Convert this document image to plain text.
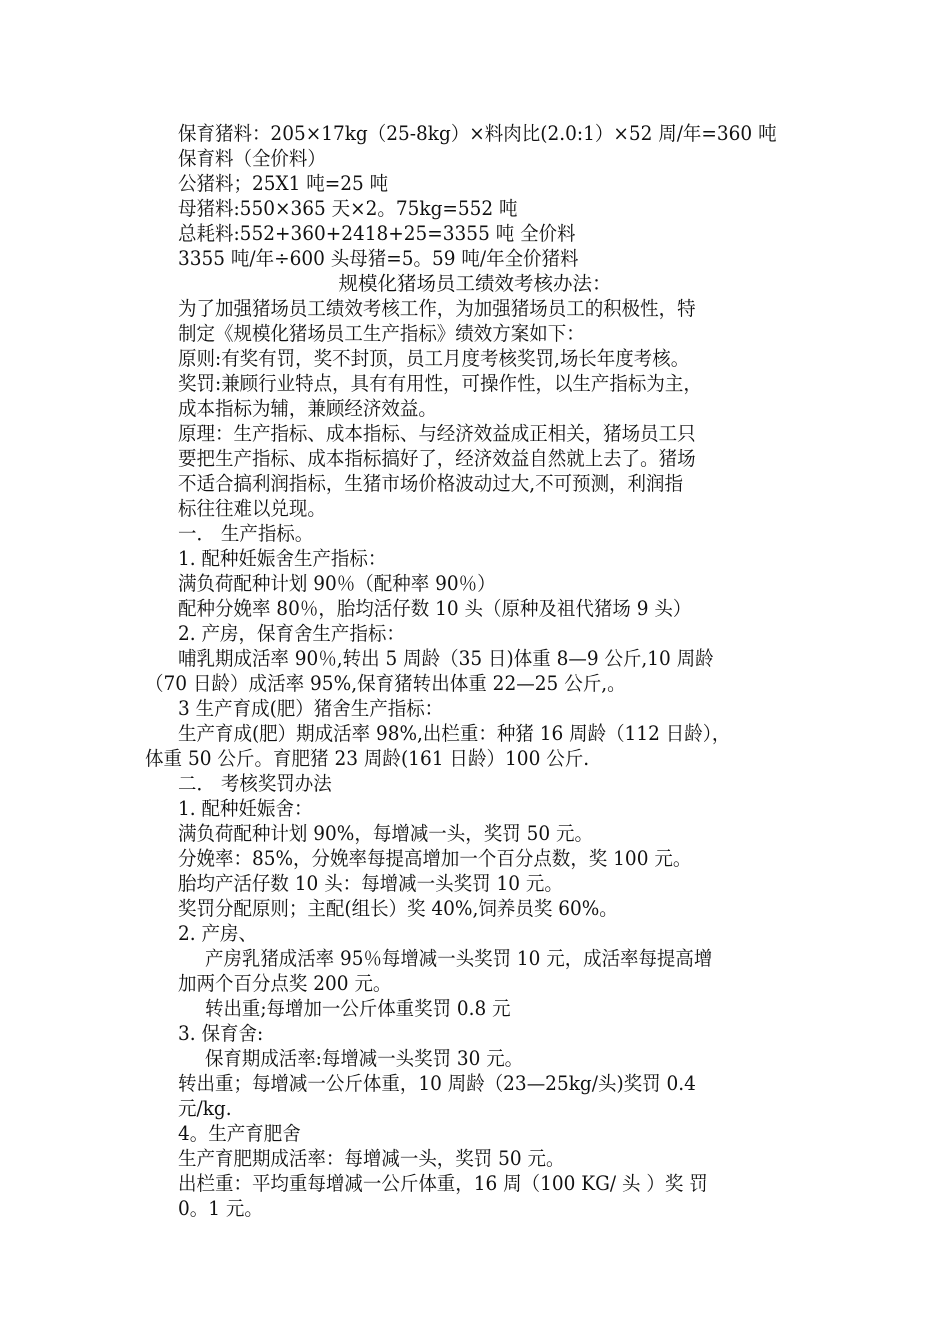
保育猪料：205×17kg（25-8kg）×料肉比(2.0:1）×52 周/年=360 吨
保育料（全价料）
公猪料；25X1 吨=25 吨
母猪料:550×365 天×2。75kg=552 吨
总耗料:552+360+2418+25=3355 吨 全价料
3355 吨/年÷600 头母猪=5。59 吨/年全价猪料
规模化猪场员工绩效考核办法：
为了加强猪场员工绩效考核工作，为加强猪场员工的积极性，特
制定《规模化猪场员工生产指标》绩效方案如下：
原则:有奖有罚，奖不封顶，员工月度考核奖罚,场长年度考核。
奖罚:兼顾行业特点，具有有用性，可操作性，以生产指标为主，
成本指标为辅，兼顾经济效益。
原理：生产指标、成本指标、与经济效益成正相关，猪场员工只
要把生产指标、成本指标搞好了，经济效益自然就上去了。猪场
不适合搞利润指标，生猪市场价格波动过大,不可预测，利润指
标往往难以兑现。
一． 生产指标。
1. 配种妊娠舍生产指标：
满负荷配种计划 90％（配种率 90％）
配种分娩率 80％，胎均活仔数 10 头（原种及祖代猪场 9 头）
2. 产房，保育舍生产指标：
哺乳期成活率 90％,转出 5 周龄（35 日)体重 8—9 公斤,10 周龄
（70 日龄）成活率 95%,保育猪转出体重 22—25 公斤,。
3 生产育成(肥）猪舍生产指标：
生产育成(肥）期成活率 98%,出栏重：种猪 16 周龄（112 日龄），
体重 50 公斤。育肥猪 23 周龄(161 日龄）100 公斤.
二． 考核奖罚办法
1. 配种妊娠舍：
满负荷配种计划 90%，每增减一头，奖罚 50 元。
分娩率：85%，分娩率每提高增加一个百分点数，奖 100 元。
胎均产活仔数 10 头：每增减一头奖罚 10 元。
奖罚分配原则；主配(组长）奖 40%,饲养员奖 60%。
2. 产房、
产房乳猪成活率 95％每增减一头奖罚 10 元，成活率每提高增
加两个百分点奖 200 元。
转出重;每增加一公斤体重奖罚 0.8 元
3. 保育舍:
保育期成活率:每增减一头奖罚 30 元。
转出重；每增减一公斤体重，10 周龄（23—25kg/头)奖罚 0.4
元/kg.
4。生产育肥舍
生产育肥期成活率：每增减一头，奖罚 50 元。
出栏重：平均重每增减一公斤体重，16 周（100 KG/ 头 ）奖 罚
0。1 元。
